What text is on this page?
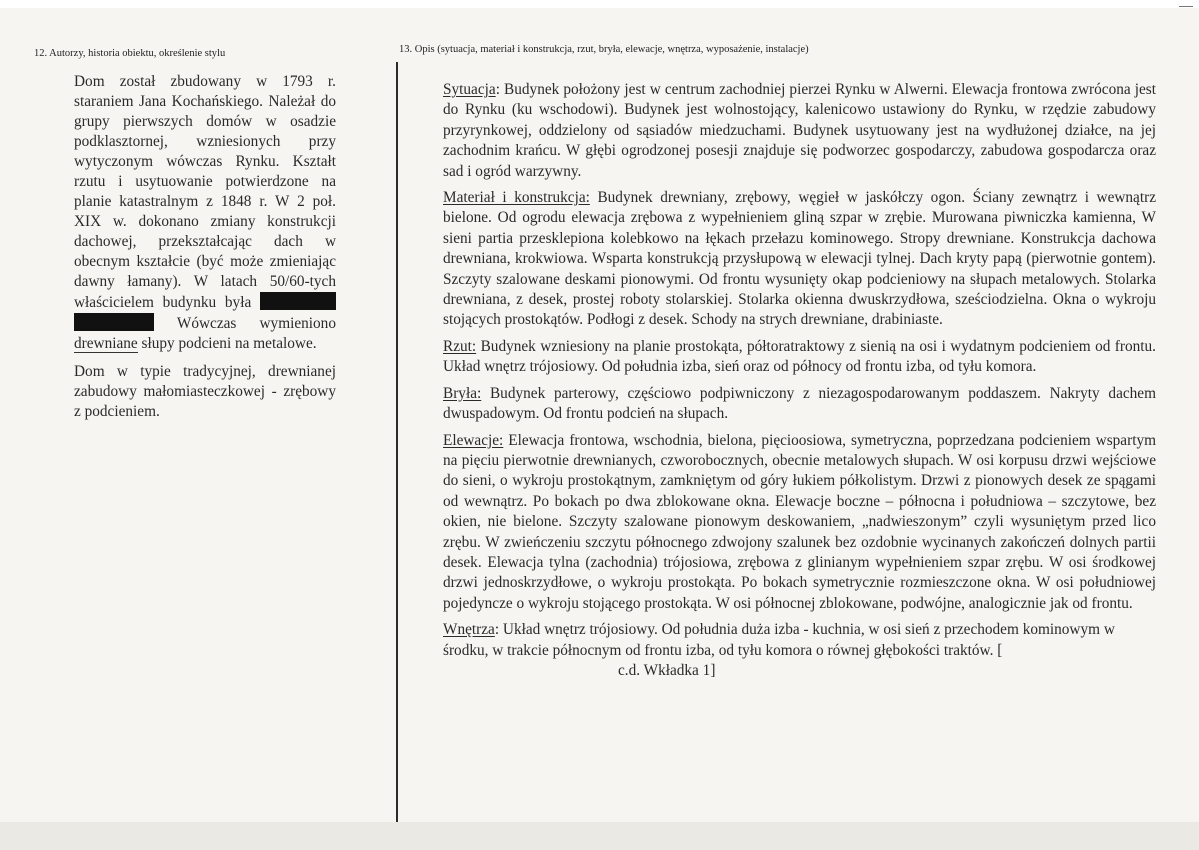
12. Autorzy, historia obiektu, określenie stylu	13. Opis (sytuacja, materiał i konstrukcja, rzut, bryła, elewacje, wnętrza, wyposażenie, instalacje)

Dom został zbudowany w 1793 r. staraniem Jana Kochańskiego. Należał do grupy pierwszych domów w osadzie podklasztornej, wzniesionych przy wytyczonym wówczas Rynku. Kształt rzutu i usytuowanie potwierdzone na planie katastralnym z 1848 r. W 2 poł. XIX w. dokonano zmiany konstrukcji dachowej, przekształcając dach w obecnym kształcie (być może zmieniając dawny łamany). W latach 50/60-tych właścicielem budynku była   Wówczas wymieniono drewniane słupy podcieni na metalowe.

Dom w typie tradycyjnej, drewnianej zabudowy małomiasteczkowej - zrębowy z podcieniem.

Sytuacja: Budynek położony jest w centrum zachodniej pierzei Rynku w Alwerni. Elewacja frontowa zwrócona jest do Rynku (ku wschodowi). Budynek jest wolnostojący, kalenicowo ustawiony do Rynku, w rzędzie zabudowy przyrynkowej, oddzielony od sąsiadów miedzuchami. Budynek usytuowany jest na wydłużonej działce, na jej zachodnim krańcu. W głębi ogrodzonej posesji znajduje się podworzec gospodarczy, zabudowa gospodarcza oraz sad i ogród warzywny.

Materiał i konstrukcja: Budynek drewniany, zrębowy, węgieł w jaskółczy ogon. Ściany zewnątrz i wewnątrz bielone. Od ogrodu elewacja zrębowa z wypełnieniem gliną szpar w zrębie. Murowana piwniczka kamienna, W sieni partia przesklepiona kolebkowo na łękach przełazu kominowego. Stropy drewniane. Konstrukcja dachowa drewniana, krokwiowa. Wsparta konstrukcją przysłupową w elewacji tylnej. Dach kryty papą (pierwotnie gontem). Szczyty szalowane deskami pionowymi. Od frontu wysunięty okap podcieniowy na słupach metalowych. Stolarka drewniana, z desek, prostej roboty stolarskiej. Stolarka okienna dwuskrzydłowa, sześciodzielna. Okna o wykroju stojących prostokątów. Podłogi z desek. Schody na strych drewniane, drabiniaste.

Rzut: Budynek wzniesiony na planie prostokąta, półtoratraktowy z sienią na osi i wydatnym podcieniem od frontu. Układ wnętrz trójosiowy. Od południa izba, sień oraz od północy od frontu izba, od tyłu komora.

Bryła: Budynek parterowy, częściowo podpiwniczony z niezagospodarowanym poddaszem. Nakryty dachem dwuspadowym. Od frontu podcień na słupach.

Elewacje: Elewacja frontowa, wschodnia, bielona, pięcioosiowa, symetryczna, poprzedzana podcieniem wspartym na pięciu pierwotnie drewnianych, czworobocznych, obecnie metalowych słupach. W osi korpusu drzwi wejściowe do sieni, o wykroju prostokątnym, zamkniętym od góry łukiem półkolistym. Drzwi z pionowych desek ze spągami od wewnątrz. Po bokach po dwa zblokowane okna. Elewacje boczne – północna i południowa – szczytowe, bez okien, nie bielone. Szczyty szalowane pionowym deskowaniem, „nadwieszonym” czyli wysuniętym przed lico zrębu. W zwieńczeniu szczytu północnego zdwojony szalunek bez ozdobnie wycinanych zakończeń dolnych partii desek. Elewacja tylna (zachodnia) trójosiowa, zrębowa z glinianym wypełnieniem szpar zrębu. W osi środkowej drzwi jednoskrzydłowe, o wykroju prostokąta. Po bokach symetrycznie rozmieszczone okna. W osi południowej pojedyncze o wykroju stojącego prostokąta. W osi północnej zblokowane, podwójne, analogicznie jak od frontu.

Wnętrza: Układ wnętrz trójosiowy. Od południa duża izba - kuchnia, w osi sień z przechodem kominowym w środku, w trakcie północnym od frontu izba, od tyłu komora o równej głębokości traktów. [c.d. Wkładka 1]
